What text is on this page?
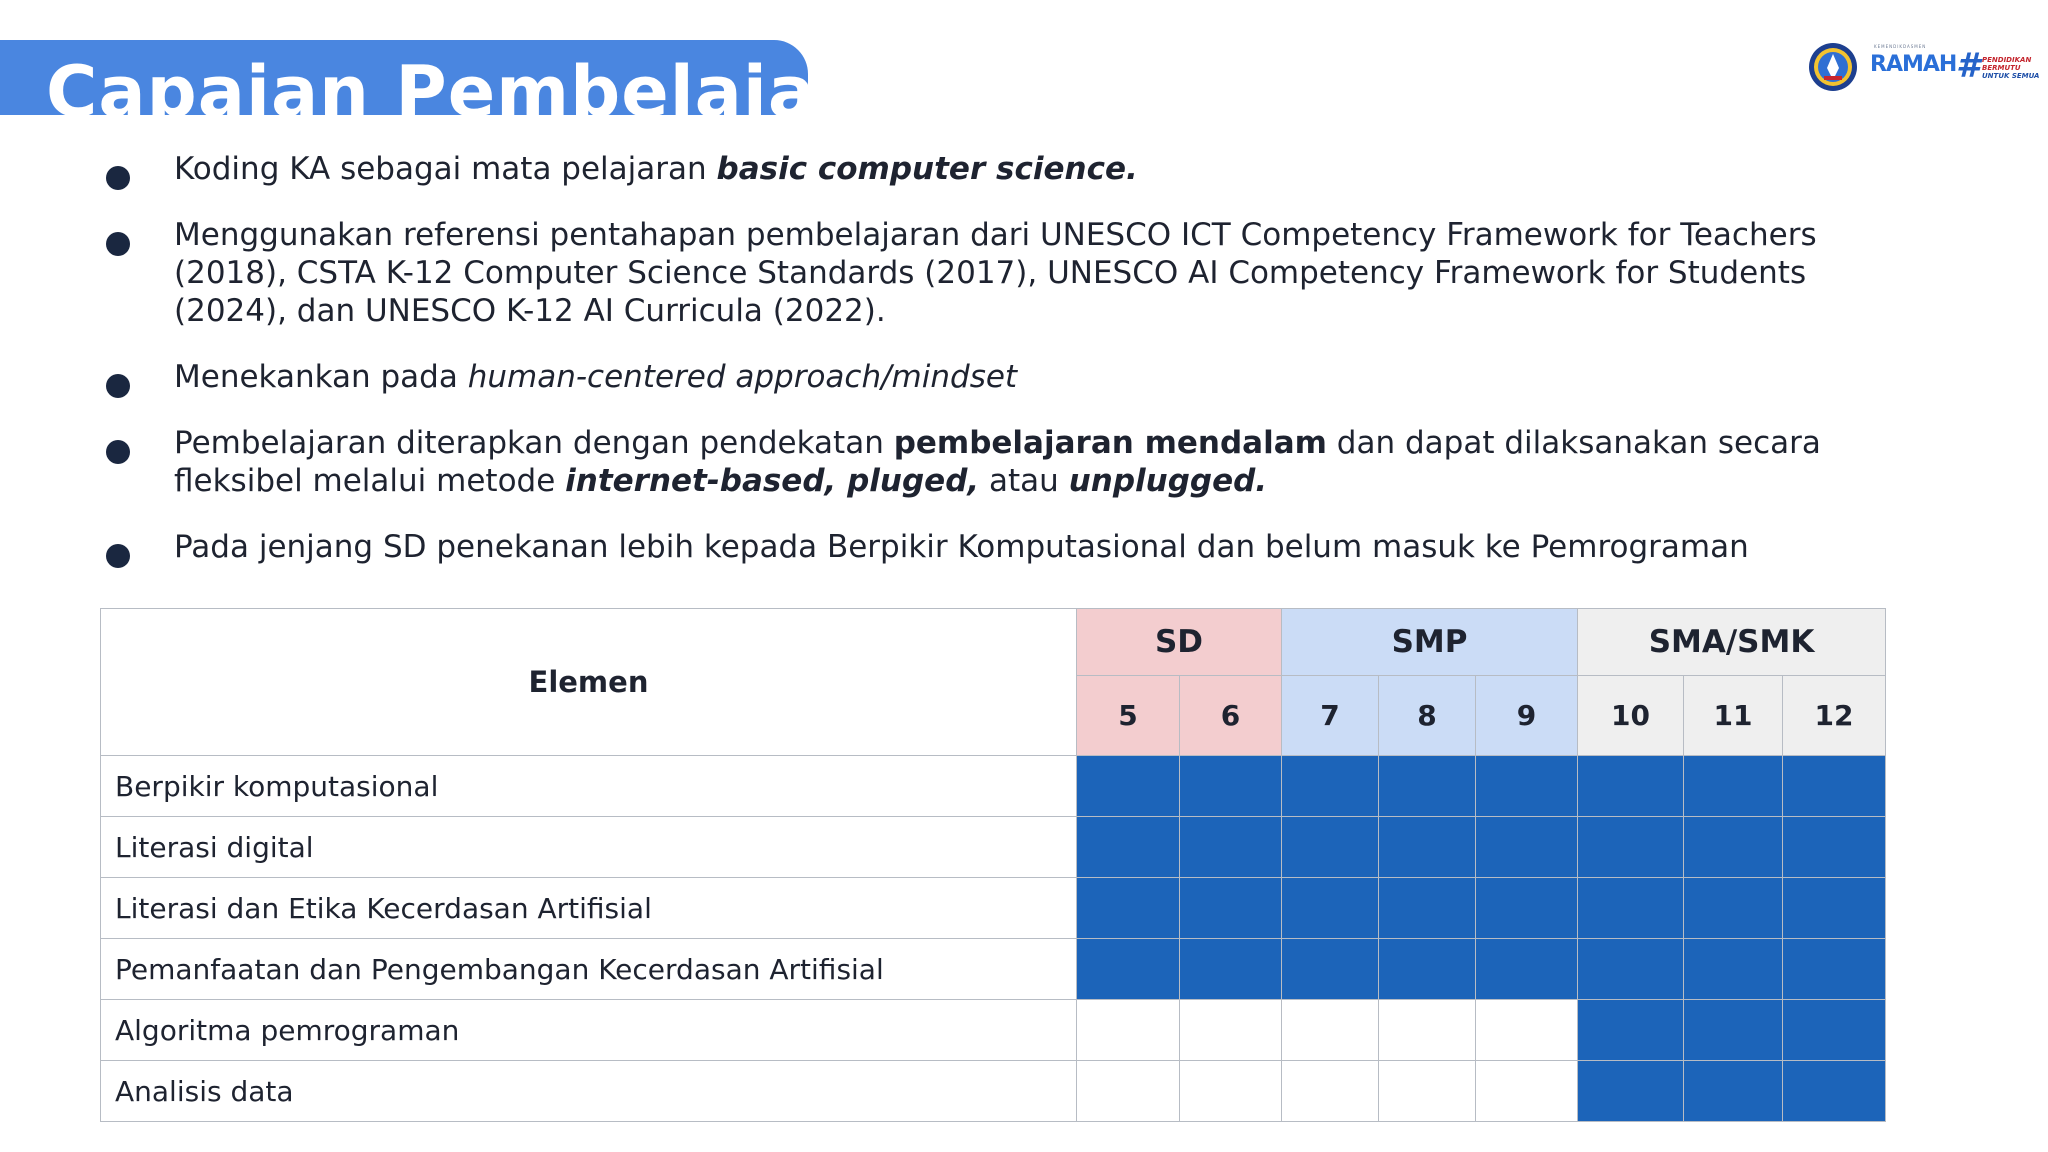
Capaian Pembelajaran
KEMENDIKDASMEN
RAMAH # PENDIDIKAN
BERMUTU
UNTUK SEMUA
Koding KA sebagai mata pelajaran basic computer science.
Menggunakan referensi pentahapan pembelajaran dari UNESCO ICT Competency Framework for Teachers (2018), CSTA K-12 Computer Science Standards (2017), UNESCO AI Competency Framework for Students (2024), dan UNESCO K-12 AI Curricula (2022).
Menekankan pada human-centered approach/mindset
Pembelajaran diterapkan dengan pendekatan pembelajaran mendalam dan dapat dilaksanakan secara fleksibel melalui metode internet-based, pluged, atau unplugged.
Pada jenjang SD penekanan lebih kepada Berpikir Komputasional dan belum masuk ke Pemrograman
Elemen	SD		SMP			SMA/SMK		
	5	6	7	8	9	10	11	12
Berpikir komputasional								
Literasi digital								
Literasi dan Etika Kecerdasan Artifisial								
Pemanfaatan dan Pengembangan Kecerdasan Artifisial								
Algoritma pemrograman								
Analisis data								
